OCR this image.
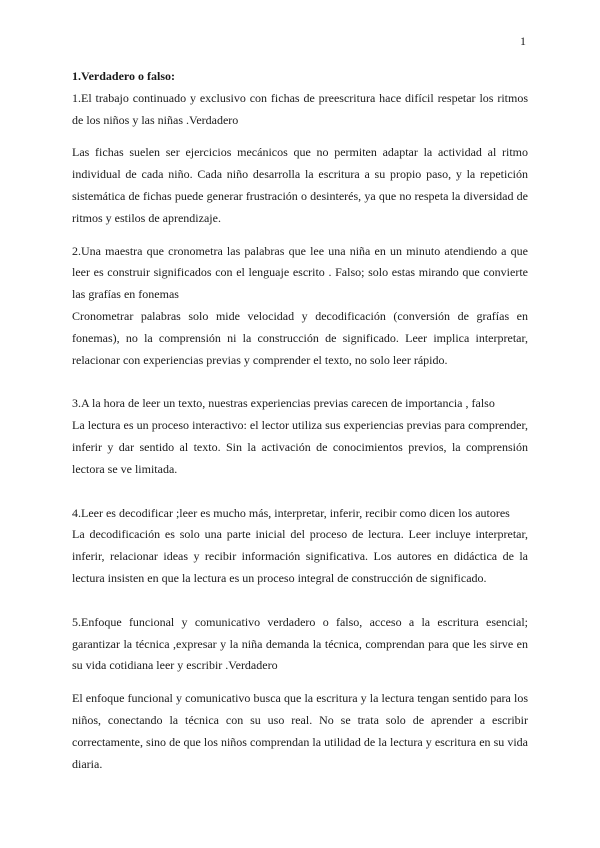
1

1.Verdadero o falso:

1.El trabajo continuado y exclusivo con fichas de preescritura hace difícil respetar los ritmos de los niños y las niñas .Verdadero

Las fichas suelen ser ejercicios mecánicos que no permiten adaptar la actividad al ritmo individual de cada niño. Cada niño desarrolla la escritura a su propio paso, y la repetición sistemática de fichas puede generar frustración o desinterés, ya que no respeta la diversidad de ritmos y estilos de aprendizaje.

2.Una maestra que cronometra las palabras que lee una niña en un minuto atendiendo a que leer es construir significados con el lenguaje escrito . Falso; solo estas mirando que convierte las grafías en fonemas

Cronometrar palabras solo mide velocidad y decodificación (conversión de grafías en fonemas), no la comprensión ni la construcción de significado. Leer implica interpretar, relacionar con experiencias previas y comprender el texto, no solo leer rápido.

3.A la hora de leer un texto, nuestras experiencias previas carecen de importancia , falso

La lectura es un proceso interactivo: el lector utiliza sus experiencias previas para comprender, inferir y dar sentido al texto. Sin la activación de conocimientos previos, la comprensión lectora se ve limitada.

4.Leer es decodificar ;leer es mucho más, interpretar, inferir, recibir como dicen los autores

La decodificación es solo una parte inicial del proceso de lectura. Leer incluye interpretar, inferir, relacionar ideas y recibir información significativa. Los autores en didáctica de la lectura insisten en que la lectura es un proceso integral de construcción de significado.

5.Enfoque funcional y comunicativo verdadero o falso, acceso a la escritura esencial; garantizar la técnica ,expresar y la niña demanda la técnica, comprendan para que les sirve en su vida cotidiana leer y escribir .Verdadero

El enfoque funcional y comunicativo busca que la escritura y la lectura tengan sentido para los niños, conectando la técnica con su uso real. No se trata solo de aprender a escribir correctamente, sino de que los niños comprendan la utilidad de la lectura y escritura en su vida diaria.
